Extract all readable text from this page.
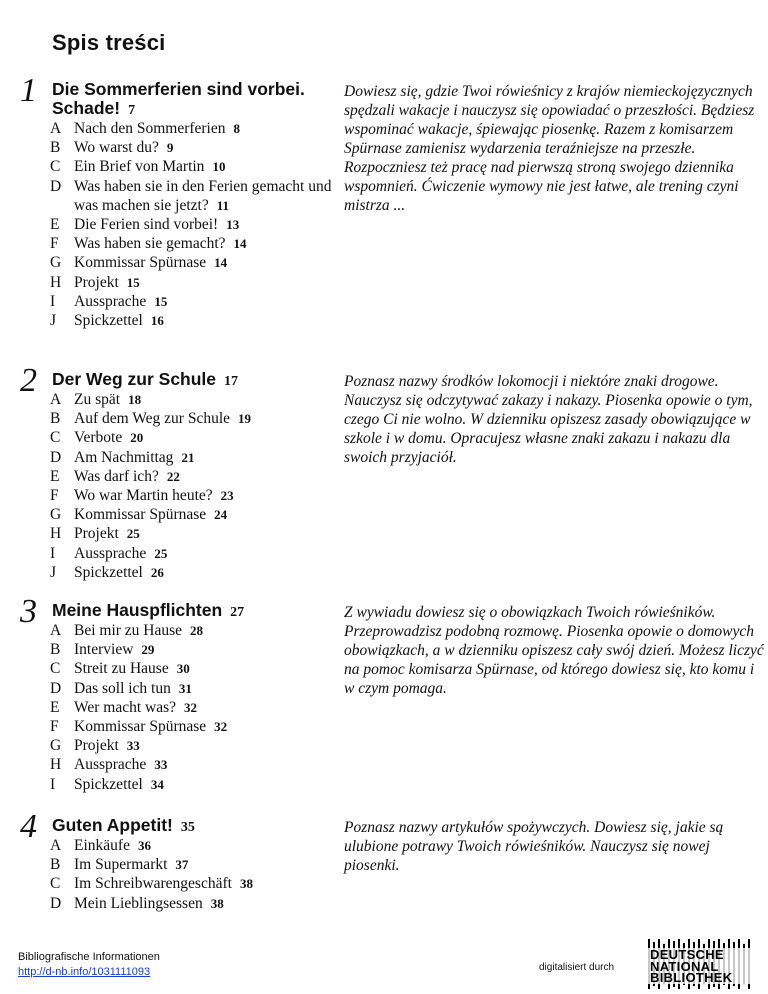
Spis treści
1 Die Sommerferien sind vorbei. Schade! 7
A Nach den Sommerferien 8
B Wo warst du? 9
C Ein Brief von Martin 10
D Was haben sie in den Ferien gemacht und was machen sie jetzt? 11
E Die Ferien sind vorbei! 13
F Was haben sie gemacht? 14
G Kommissar Spürnase 14
H Projekt 15
I Aussprache 15
J Spickzettel 16
Dowiesz się, gdzie Twoi rówieśnicy z krajów niemieckojęzycznych spędzali wakacje i nauczysz się opowiadać o przeszłości. Będziesz wspominać wakacje, śpiewając piosenkę. Razem z komisarzem Spürnase zamienisz wydarzenia teraźniejsze na przeszłe. Rozpoczniesz też pracę nad pierwszą stroną swojego dziennika wspomnień. Ćwiczenie wymowy nie jest łatwe, ale trening czyni mistrza ...
2 Der Weg zur Schule 17
A Zu spät 18
B Auf dem Weg zur Schule 19
C Verbote 20
D Am Nachmittag 21
E Was darf ich? 22
F Wo war Martin heute? 23
G Kommissar Spürnase 24
H Projekt 25
I Aussprache 25
J Spickzettel 26
Poznasz nazwy środków lokomocji i niektóre znaki drogowe. Nauczysz się odczytywać zakazy i nakazy. Piosenka opowie o tym, czego Ci nie wolno. W dzienniku opiszesz zasady obowiązujące w szkole i w domu. Opracujesz własne znaki zakazu i nakazu dla swoich przyjaciół.
3 Meine Hauspflichten 27
A Bei mir zu Hause 28
B Interview 29
C Streit zu Hause 30
D Das soll ich tun 31
E Wer macht was? 32
F Kommissar Spürnase 32
G Projekt 33
H Aussprache 33
I Spickzettel 34
Z wywiadu dowiesz się o obowiązkach Twoich rówieśników. Przeprowadzisz podobną rozmowę. Piosenka opowie o domowych obowiązkach, a w dzienniku opiszesz cały swój dzień. Możesz liczyć na pomoc komisarza Spürnase, od którego dowiesz się, kto komu i w czym pomaga.
4 Guten Appetit! 35
A Einkäufe 36
B Im Supermarkt 37
C Im Schreibwarengeschäft 38
D Mein Lieblingsessen 38
Poznasz nazwy artykułów spożywczych. Dowiesz się, jakie są ulubione potrawy Twoich rówieśników. Nauczysz się nowej piosenki.
Bibliografische Informationen
http://d-nb.info/1031111093	digitalisiert durch
DEUTSCHE
NATIONAL
BIBLIOTHEK
